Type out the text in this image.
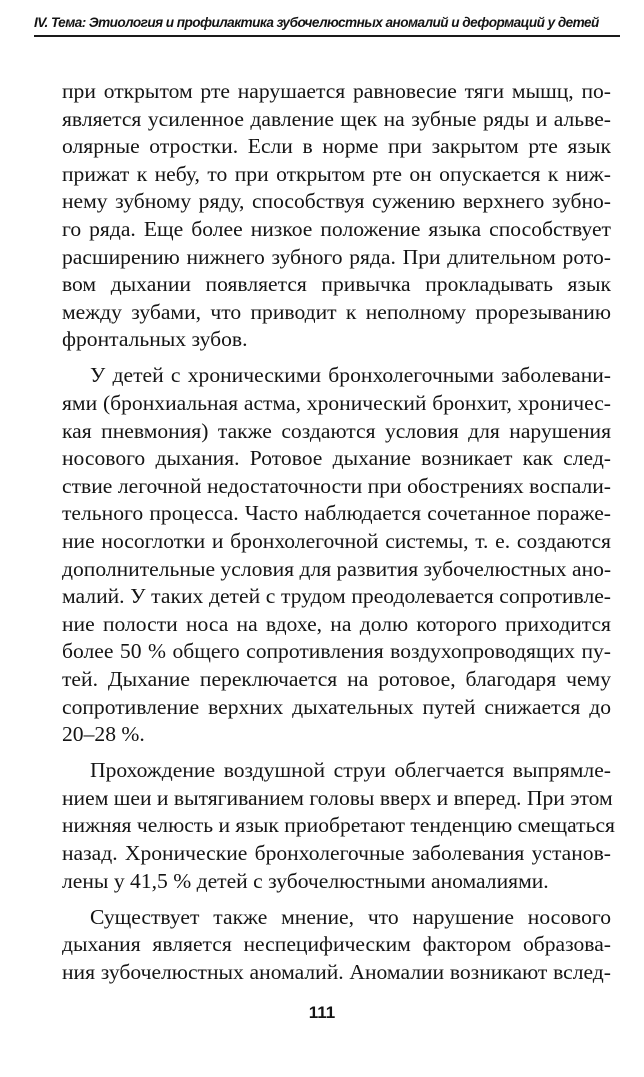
IV. Тема: Этиология и профилактика зубочелюстных аномалий и деформаций у детей
при открытом рте нарушается равновесие тяги мышц, по-
является усиленное давление щек на зубные ряды и альве-
олярные отростки. Если в норме при закрытом рте язык
прижат к небу, то при открытом рте он опускается к ниж-
нему зубному ряду, способствуя сужению верхнего зубно-
го ряда. Еще более низкое положение языка способствует
расширению нижнего зубного ряда. При длительном рото-
вом дыхании появляется привычка прокладывать язык
между зубами, что приводит к неполному прорезыванию
фронтальных зубов.
У детей с хроническими бронхолегочными заболевани-
ями (бронхиальная астма, хронический бронхит, хроничес-
кая пневмония) также создаются условия для нарушения
носового дыхания. Ротовое дыхание возникает как след-
ствие легочной недостаточности при обострениях воспали-
тельного процесса. Часто наблюдается сочетанное пораже-
ние носоглотки и бронхолегочной системы, т. е. создаются
дополнительные условия для развития зубочелюстных ано-
малий. У таких детей с трудом преодолевается сопротивле-
ние полости носа на вдохе, на долю которого приходится
более 50 % общего сопротивления воздухопроводящих пу-
тей. Дыхание переключается на ротовое, благодаря чему
сопротивление верхних дыхательных путей снижается до
20–28 %.
Прохождение воздушной струи облегчается выпрямле-
нием шеи и вытягиванием головы вверх и вперед. При этом
нижняя челюсть и язык приобретают тенденцию смещаться
назад. Хронические бронхолегочные заболевания установ-
лены у 41,5 % детей с зубочелюстными аномалиями.
Существует также мнение, что нарушение носового
дыхания является неспецифическим фактором образова-
ния зубочелюстных аномалий. Аномалии возникают вслед-
111
